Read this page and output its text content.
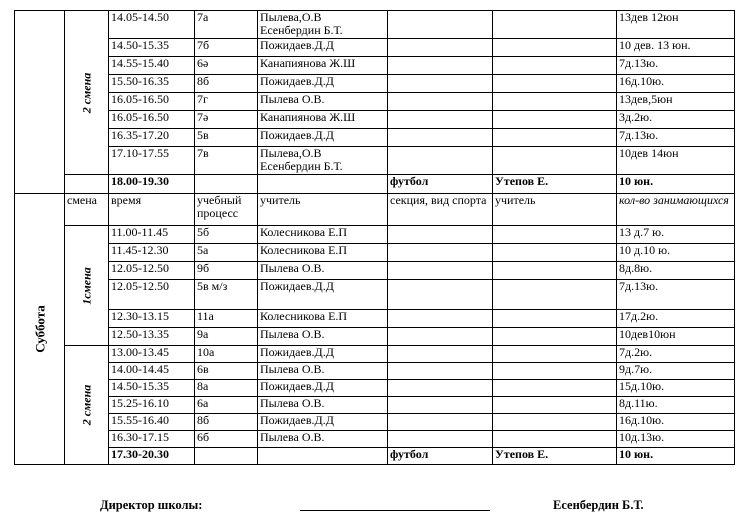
	2 смена	14.05-14.50	7а	Пылева,О.В
Есенбердин Б.Т.			13дев 12юн
		14.50-15.35	7б	Пожидаев.Д.Д			10 дев. 13 юн.
		14.55-15.40	6ә	Канапиянова Ж.Ш			7д.13ю.
		15.50-16.35	8б	Пожидаев.Д.Д			16д.10ю.
		16.05-16.50	7г	Пылева О.В.			13дев,5юн
		16.05-16.50	7ә	Канапиянова Ж.Ш			3д.2ю.
		16.35-17.20	5в	Пожидаев.Д.Д			7д.13ю.
		17.10-17.55	7в	Пылева,О.В
Есенбердин Б.Т.			10дев 14юн
		18.00-19.30			футбол	Утепов Е.	10 юн.

Суббота	смена	время	учебный процесс	учитель	секция, вид спорта	учитель	кол-во занимающихся

	1смена	11.00-11.45	5б	Колесникова Е.П			13 д.7 ю.
		11.45-12.30	5а	Колесникова Е.П			10 д.10 ю.
		12.05-12.50	9б	Пылева О.В.			8д.8ю.
		12.05-12.50	5в м/з	Пожидаев.Д.Д			7д.13ю.
		12.30-13.15	11а	Колесникова Е.П			17д.2ю.
		12.50-13.35	9а	Пылева О.В.			10дев10юн

	2 смена	13.00-13.45	10а	Пожидаев.Д.Д			7д.2ю.
		14.00-14.45	6в	Пылева О.В.			9д.7ю.
		14.50-15.35	8а	Пожидаев.Д.Д			15д.10ю.
		15.25-16.10	6а	Пылева О.В.			8д.11ю.
		15.55-16.40	8б	Пожидаев.Д.Д			16д.10ю.
		16.30-17.15	6б	Пылева О.В.			10д.13ю.
		17.30-20.30			футбол	Утепов Е.	10 юн.
Директор школы:	Есенбердин Б.Т.
